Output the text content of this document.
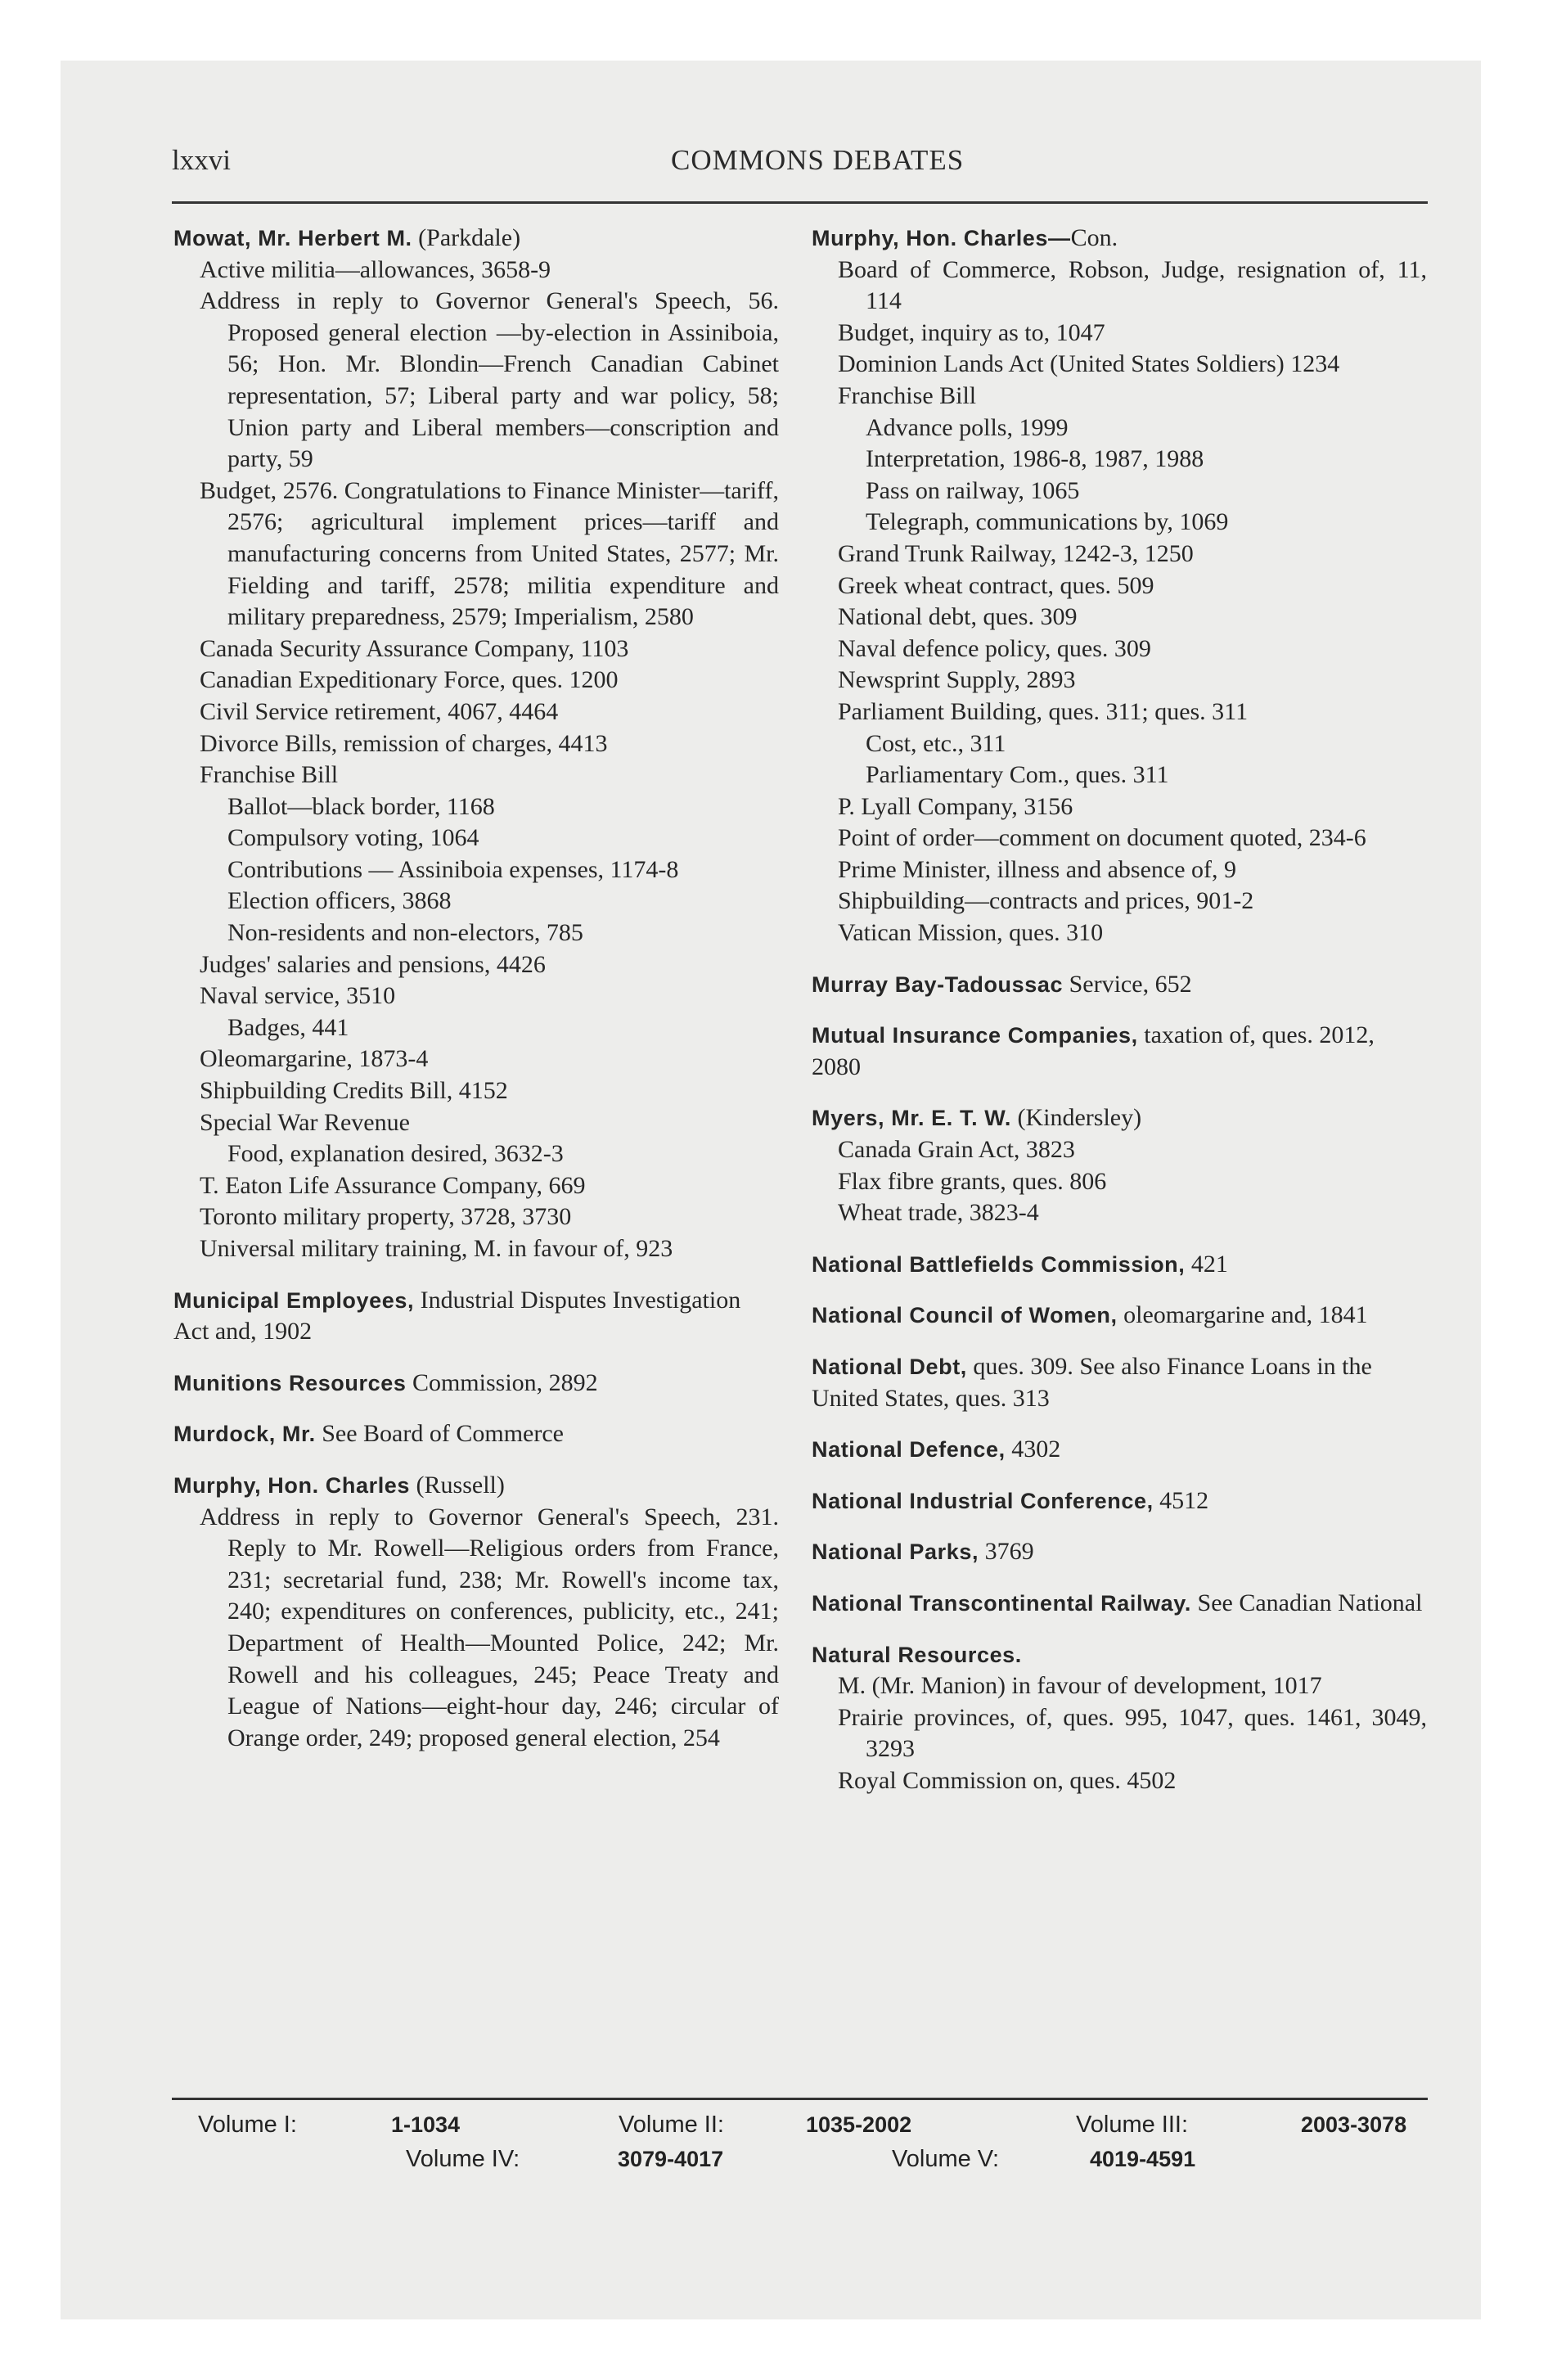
lxxvi	COMMONS DEBATES
Mowat, Mr. Herbert M. (Parkdale)
Active militia—allowances, 3658-9
Address in reply to Governor General's Speech, 56. Proposed general election —by-election in Assiniboia, 56; Hon. Mr. Blondin—French Canadian Cabinet representation, 57; Liberal party and war policy, 58; Union party and Liberal members—conscription and party, 59
Budget, 2576. Congratulations to Finance Minister—tariff, 2576; agricultural implement prices—tariff and manufacturing concerns from United States, 2577; Mr. Fielding and tariff, 2578; militia expenditure and military preparedness, 2579; Imperialism, 2580
Canada Security Assurance Company, 1103
Canadian Expeditionary Force, ques. 1200
Civil Service retirement, 4067, 4464
Divorce Bills, remission of charges, 4413
Franchise Bill
Ballot—black border, 1168
Compulsory voting, 1064
Contributions — Assiniboia expenses, 1174-8
Election officers, 3868
Non-residents and non-electors, 785
Judges' salaries and pensions, 4426
Naval service, 3510
Badges, 441
Oleomargarine, 1873-4
Shipbuilding Credits Bill, 4152
Special War Revenue
Food, explanation desired, 3632-3
T. Eaton Life Assurance Company, 669
Toronto military property, 3728, 3730
Universal military training, M. in favour of, 923
Municipal Employees, Industrial Disputes Investigation Act and, 1902
Munitions Resources Commission, 2892
Murdock, Mr. See Board of Commerce
Murphy, Hon. Charles (Russell)
Address in reply to Governor General's Speech, 231. Reply to Mr. Rowell—Religious orders from France, 231; secretarial fund, 238; Mr. Rowell's income tax, 240; expenditures on conferences, publicity, etc., 241; Department of Health—Mounted Police, 242; Mr. Rowell and his colleagues, 245; Peace Treaty and League of Nations—eight-hour day, 246; circular of Orange order, 249; proposed general election, 254
Murphy, Hon. Charles—Con.
Board of Commerce, Robson, Judge, resignation of, 11, 114
Budget, inquiry as to, 1047
Dominion Lands Act (United States Soldiers) 1234
Franchise Bill
Advance polls, 1999
Interpretation, 1986-8, 1987, 1988
Pass on railway, 1065
Telegraph, communications by, 1069
Grand Trunk Railway, 1242-3, 1250
Greek wheat contract, ques. 509
National debt, ques. 309
Naval defence policy, ques. 309
Newsprint Supply, 2893
Parliament Building, ques. 311; ques. 311
Cost, etc., 311
Parliamentary Com., ques. 311
P. Lyall Company, 3156
Point of order—comment on document quoted, 234-6
Prime Minister, illness and absence of, 9
Shipbuilding—contracts and prices, 901-2
Vatican Mission, ques. 310
Murray Bay-Tadoussac Service, 652
Mutual Insurance Companies, taxation of, ques. 2012, 2080
Myers, Mr. E. T. W. (Kindersley)
Canada Grain Act, 3823
Flax fibre grants, ques. 806
Wheat trade, 3823-4
National Battlefields Commission, 421
National Council of Women, oleomargarine and, 1841
National Debt, ques. 309. See also Finance Loans in the United States, ques. 313
National Defence, 4302
National Industrial Conference, 4512
National Parks, 3769
National Transcontinental Railway. See Canadian National
Natural Resources.
M. (Mr. Manion) in favour of development, 1017
Prairie provinces, of, ques. 995, 1047, ques. 1461, 3049, 3293
Royal Commission on, ques. 4502
Volume I:	1-1034	Volume II:	1035-2002	Volume III:	2003-3078
Volume IV:	3079-4017	Volume V:	4019-4591
